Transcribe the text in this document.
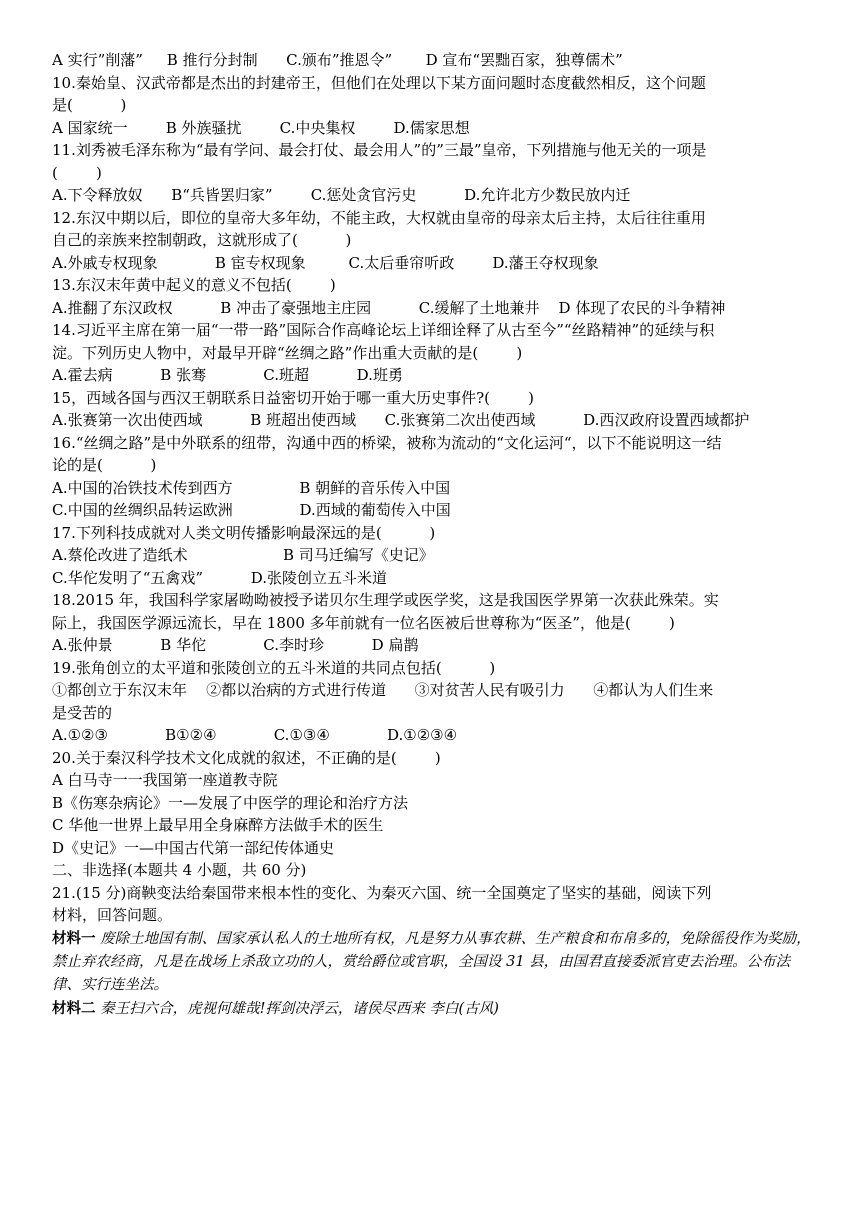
A 实行”削藩”     B 推行分封制      C.颁布”推恩令”       D 宣布“罢黜百家，独尊儒术”
10.秦始皇、汉武帝都是杰出的封建帝王，但他们在处理以下某方面问题时态度截然相反，这个问题
是(          )
A 国家统一        B 外族骚扰        C.中央集权        D.儒家思想
11.刘秀被毛泽东称为“最有学问、最会打仗、最会用人”的”三最”皇帝，下列措施与他无关的一项是
(        )
A.下令释放奴      B“兵皆罢归家”        C.惩处贪官污史          D.允许北方少数民放内迁
12.东汉中期以后，即位的皇帝大多年幼，不能主政，大权就由皇帝的母亲太后主持，太后往往重用
自己的亲族来控制朝政，这就形成了(          )
A.外戚专权现象            B 宦专权现象         C.太后垂帘听政        D.藩王夺权现象
13.东汉末年黄中起义的意义不包括(        )
A.推翻了东汉政权          B 冲击了豪强地主庄园          C.缓解了土地兼井    D 体现了农民的斗争精神
14.习近平主席在第一届“一带一路”国际合作高峰论坛上详细诠释了从古至今”“丝路精神”的延续与积
淀。下列历史人物中，对最早开辟“丝绸之路”作出重大贡献的是(        )
A.霍去病          B 张骞            C.班超          D.班勇
15，西域各国与西汉王朝联系日益密切开始于哪一重大历史事件?(        )
A.张赛第一次出使西域          B 班超出使西域      C.张赛第二次出使西域          D.西汉政府设置西域都护
16.“丝绸之路”是中外联系的纽带，沟通中西的桥梁，被称为流动的“文化运河“，以下不能说明这一结
论的是(          )
A.中国的冶铁技术传到西方              B 朝鲜的音乐传入中国
C.中国的丝绸织品转运欧洲              D.西域的葡萄传入中国
17.下列科技成就对人类文明传播影响最深远的是(          )
A.蔡伦改进了造纸术                    B 司马迁编写《史记》
C.华佗发明了“五禽戏”          D.张陵创立五斗米道
18.2015 年，我国科学家屠呦呦被授予诺贝尔生理学或医学奖，这是我国医学界第一次获此殊荣。实
际上，我国医学源远流长，早在 1800 多年前就有一位名医被后世尊称为“医圣”，他是(        )
A.张仲景          B 华佗            C.李时珍          D 扁鹊
19.张角创立的太平道和张陵创立的五斗米道的共同点包括(          )
①都创立于东汉末年    ②都以治病的方式进行传道      ③对贫苦人民有吸引力      ④都认为人们生来
是受苦的
A.①②③            B①②④            C.①③④            D.①②③④
20.关于秦汉科学技术文化成就的叙述，不正确的是(        )
A 白马寺一一我国第一座道教寺院
B《伤寒杂病论》一—发展了中医学的理论和治疗方法
C 华他一世界上最早用全身麻醉方法做手术的医生
D《史记》一—中国古代第一部纪传体通史
二、非选择(本题共 4 小题，共 60 分)
21.(15 分)商鞅变法给秦国带来根本性的变化、为秦灭六国、统一全国奠定了坚实的基础，阅读下列
材料，回答问题。
材料一 废除土地国有制、国家承认私人的土地所有权，凡是努力从事农耕、生产粮食和布帛多的，免除徭役作为奖励，禁止弃农经商，凡是在战场上杀敌立功的人，赏给爵位或官职，全国设 31 县，由国君直接委派官吏去治理。公布法律、实行连坐法。
材料二 秦王扫六合，虎视何雄哉!挥剑决浮云，诸侯尽西来 李白(古风)
